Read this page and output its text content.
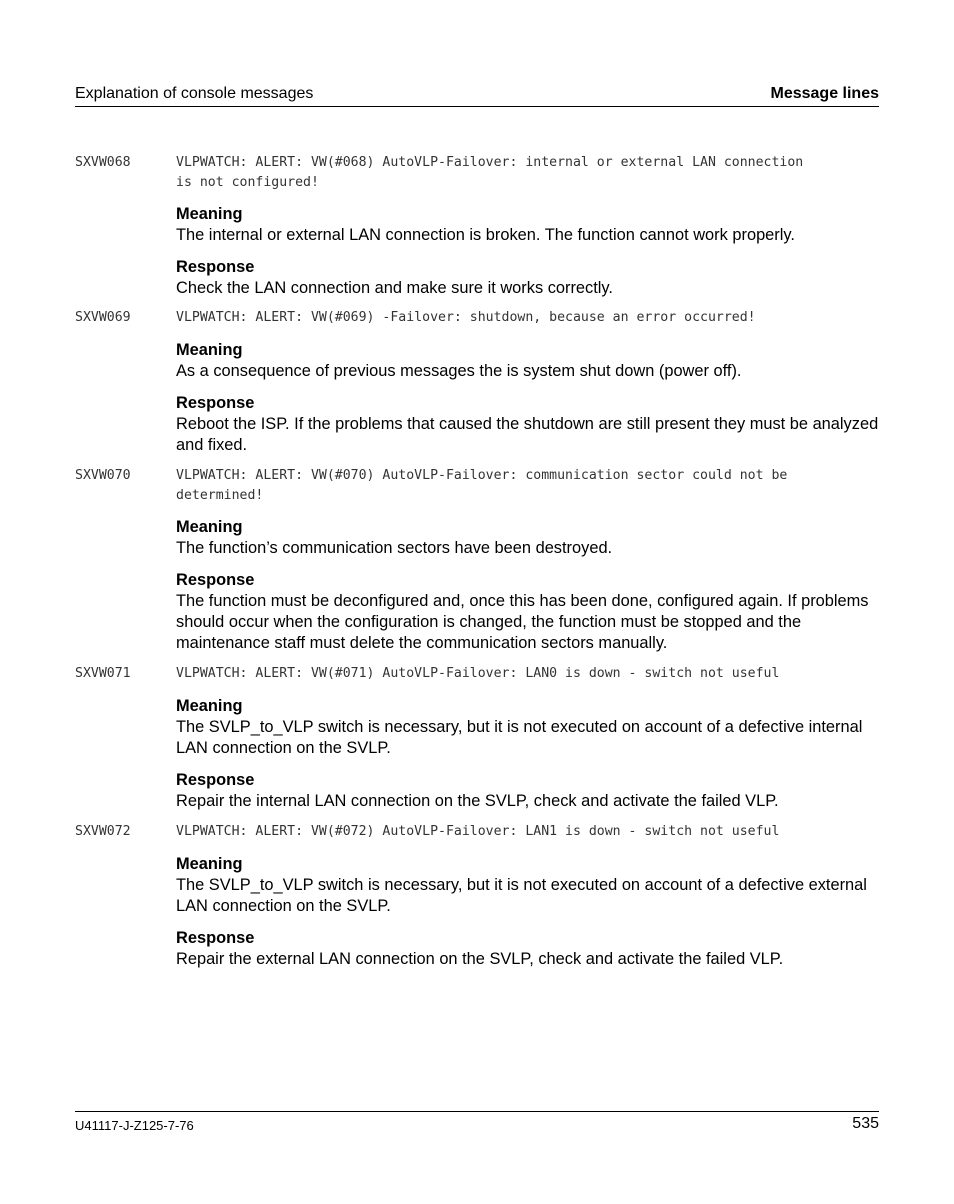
Explanation of console messages	Message lines
SXVW068	VLPWATCH: ALERT: VW(#068) AutoVLP-Failover: internal or external LAN connection
is not configured!
Meaning
The internal or external LAN connection is broken. The function cannot work properly.
Response
Check the LAN connection and make sure it works correctly.
SXVW069	VLPWATCH: ALERT: VW(#069) -Failover: shutdown, because an error occurred!
Meaning
As a consequence of previous messages the is system shut down (power off).
Response
Reboot the ISP. If the problems that caused the shutdown are still present they must be analyzed and fixed.
SXVW070	VLPWATCH: ALERT: VW(#070) AutoVLP-Failover: communication sector could not be
determined!
Meaning
The function’s communication sectors have been destroyed.
Response
The function must be deconfigured and, once this has been done, configured again. If problems should occur when the configuration is changed, the function must be stopped and the maintenance staff must delete the communication sectors manually.
SXVW071	VLPWATCH: ALERT: VW(#071) AutoVLP-Failover: LAN0 is down - switch not useful
Meaning
The SVLP_to_VLP switch is necessary, but it is not executed on account of a defective internal LAN connection on the SVLP.
Response
Repair the internal LAN connection on the SVLP, check and activate the failed VLP.
SXVW072	VLPWATCH: ALERT: VW(#072) AutoVLP-Failover: LAN1 is down - switch not useful
Meaning
The SVLP_to_VLP switch is necessary, but it is not executed on account of a defective external LAN connection on the SVLP.
Response
Repair the external LAN connection on the SVLP, check and activate the failed VLP.
U41117-J-Z125-7-76	535
